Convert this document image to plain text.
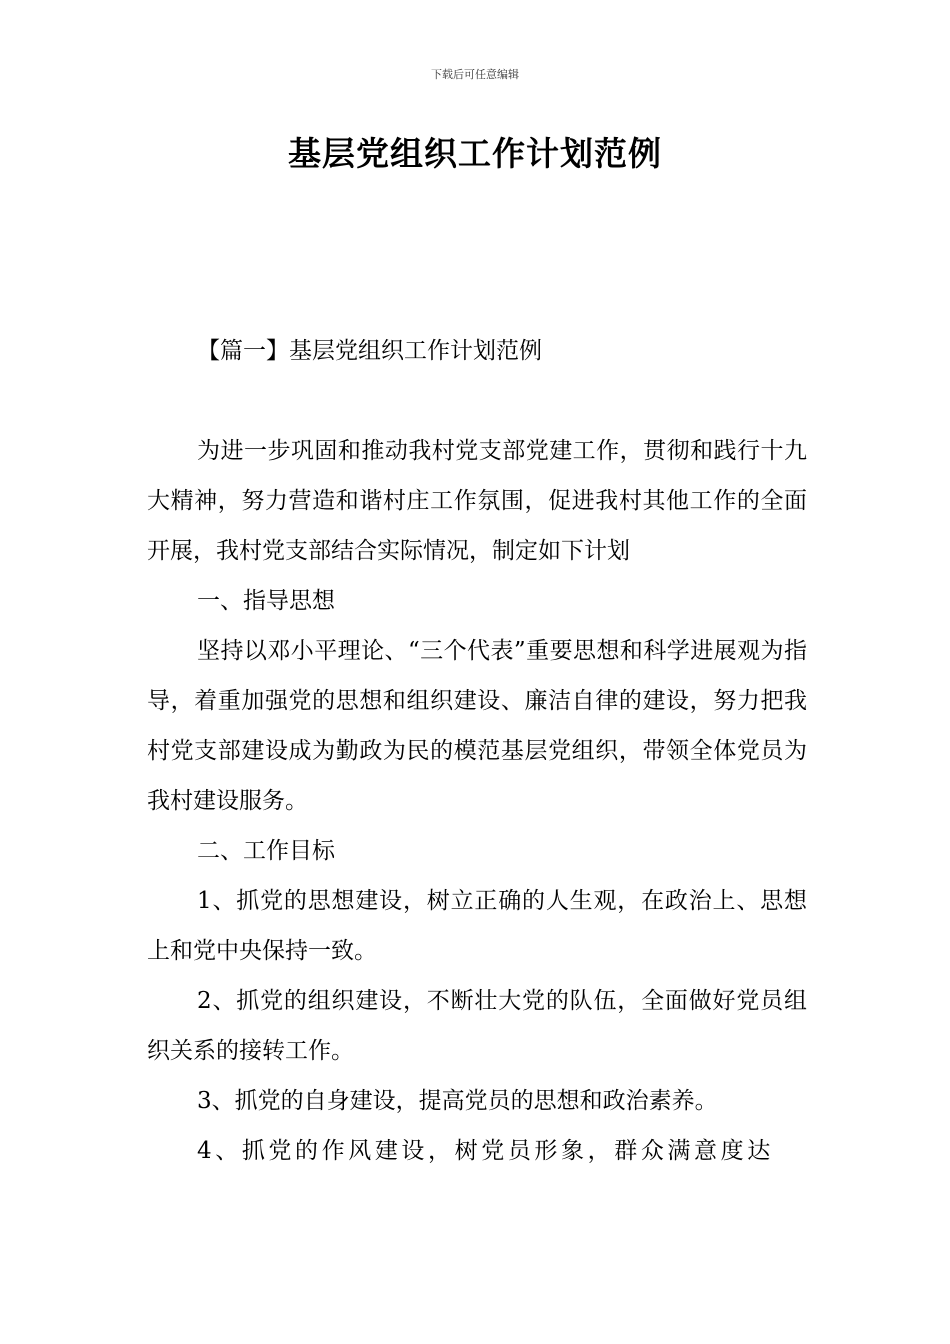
下载后可任意编辑
基层党组织工作计划范例
【篇一】基层党组织工作计划范例

为进一步巩固和推动我村党支部党建工作，贯彻和践行十九大精神，努力营造和谐村庄工作氛围，促进我村其他工作的全面开展，我村党支部结合实际情况，制定如下计划

一、指导思想

坚持以邓小平理论、“三个代表”重要思想和科学进展观为指导，着重加强党的思想和组织建设、廉洁自律的建设，努力把我村党支部建设成为勤政为民的模范基层党组织，带领全体党员为我村建设服务。

二、工作目标

1、抓党的思想建设，树立正确的人生观，在政治上、思想上和党中央保持一致。

2、抓党的组织建设，不断壮大党的队伍，全面做好党员组织关系的接转工作。

3、抓党的自身建设，提高党员的思想和政治素养。

4、抓党的作风建设，树党员形象，群众满意度达
